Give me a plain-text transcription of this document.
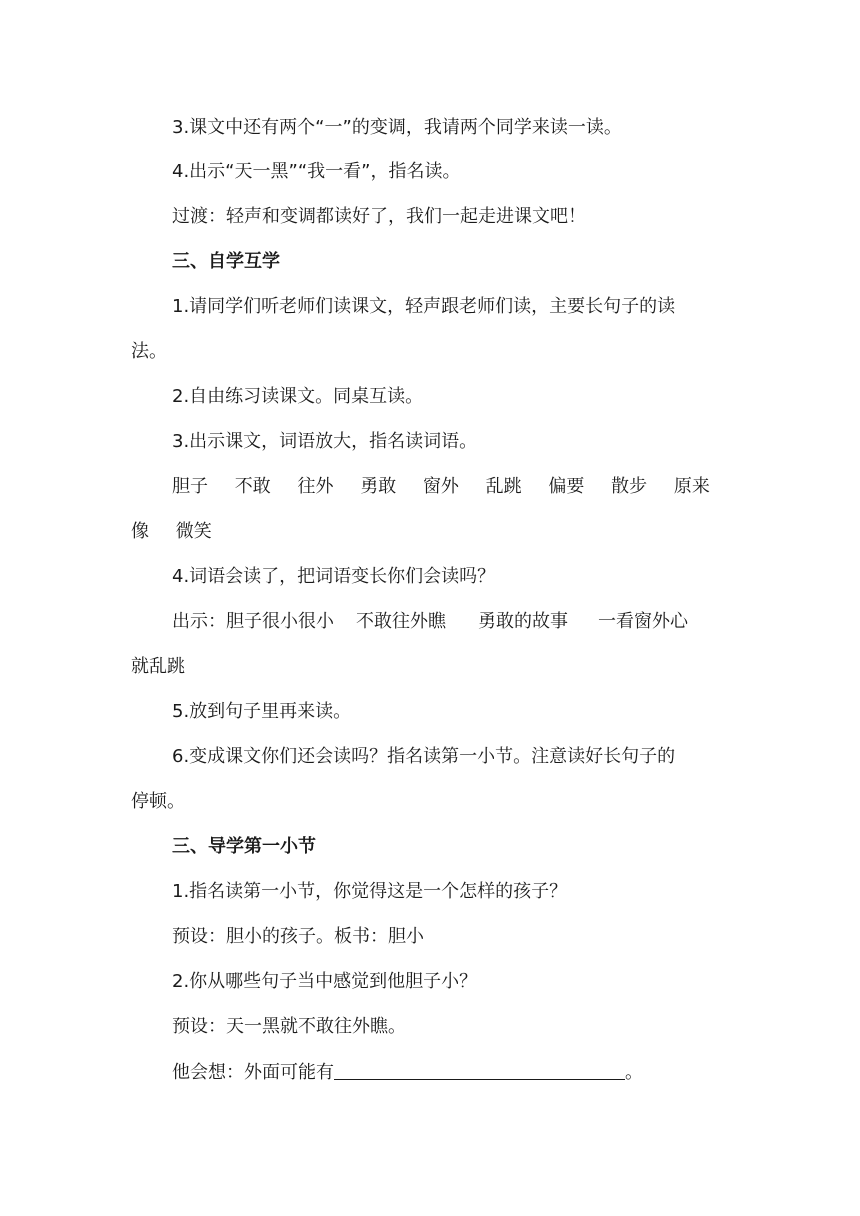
3.课文中还有两个“一”的变调，我请两个同学来读一读。
4.出示“天一黑”“我一看”，指名读。
过渡：轻声和变调都读好了，我们一起走进课文吧！
三、自学互学
1.请同学们听老师们读课文，轻声跟老师们读，主要长句子的读
法。
2.自由练习读课文。同桌互读。
3.出示课文，词语放大，指名读词语。
胆子 不敢 往外 勇敢 窗外 乱跳 偏要 散步 原来
像 微笑
4.词语会读了，把词语变长你们会读吗？
出示：胆子很小很小 不敢往外瞧 勇敢的故事 一看窗外心
就乱跳
5.放到句子里再来读。
6.变成课文你们还会读吗？指名读第一小节。注意读好长句子的
停顿。
三、导学第一小节
1.指名读第一小节，你觉得这是一个怎样的孩子？
预设：胆小的孩子。板书：胆小
2.你从哪些句子当中感觉到他胆子小？
预设：天一黑就不敢往外瞧。
他会想：外面可能有	。
